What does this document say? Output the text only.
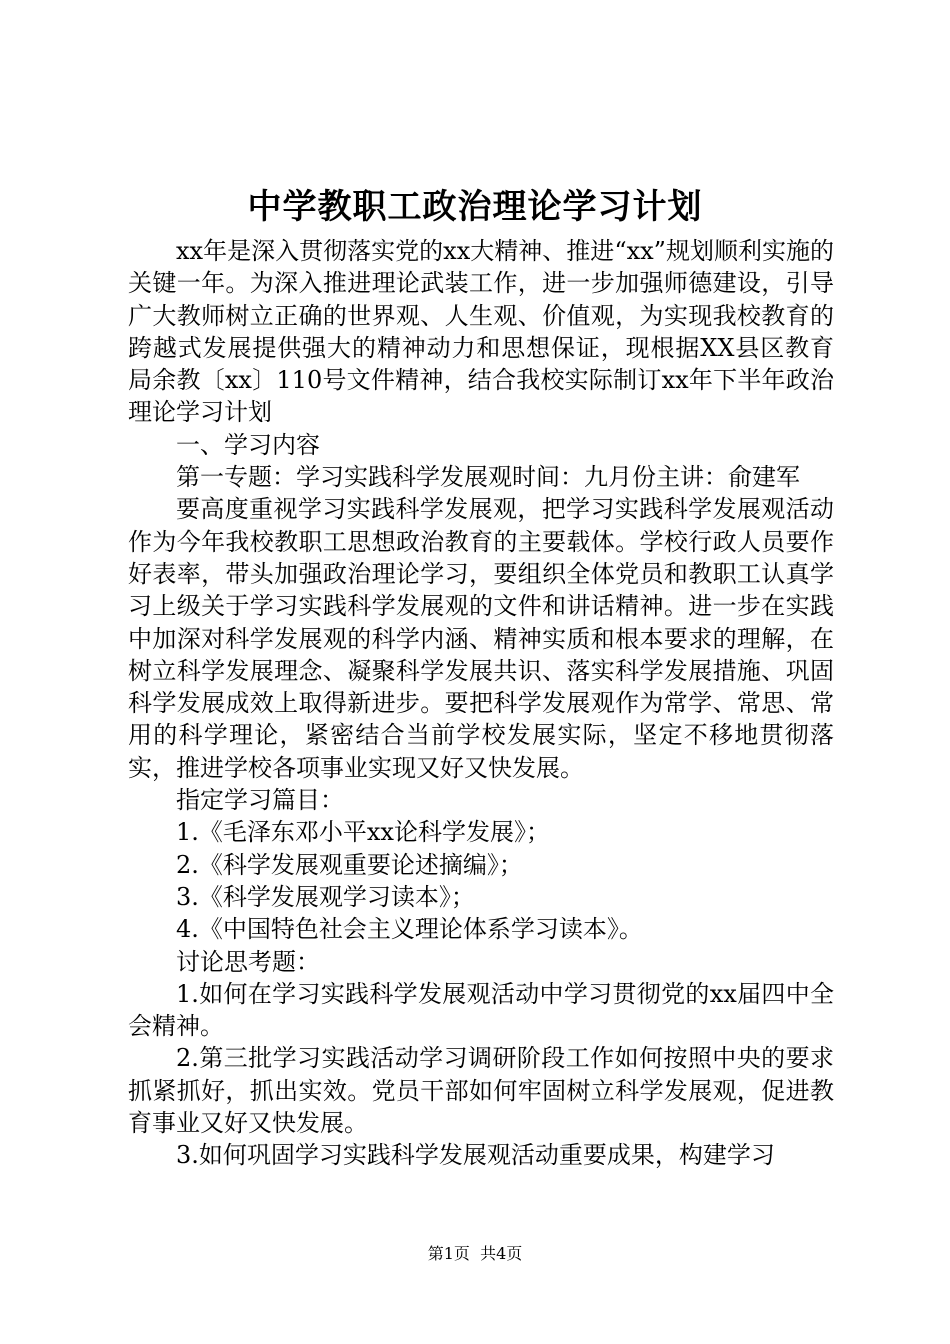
中学教职工政治理论学习计划

xx年是深入贯彻落实党的xx大精神、推进“xx”规划顺利实施的关键一年。为深入推进理论武装工作，进一步加强师德建设，引导广大教师树立正确的世界观、人生观、价值观，为实现我校教育的跨越式发展提供强大的精神动力和思想保证，现根据XX县区教育局余教〔xx〕110号文件精神，结合我校实际制订xx年下半年政治理论学习计划

一、学习内容

第一专题：学习实践科学发展观时间：九月份主讲：俞建军

要高度重视学习实践科学发展观，把学习实践科学发展观活动作为今年我校教职工思想政治教育的主要载体。学校行政人员要作好表率，带头加强政治理论学习，要组织全体党员和教职工认真学习上级关于学习实践科学发展观的文件和讲话精神。进一步在实践中加深对科学发展观的科学内涵、精神实质和根本要求的理解，在树立科学发展理念、凝聚科学发展共识、落实科学发展措施、巩固科学发展成效上取得新进步。要把科学发展观作为常学、常思、常用的科学理论，紧密结合当前学校发展实际，坚定不移地贯彻落实，推进学校各项事业实现又好又快发展。

指定学习篇目：

1.《毛泽东邓小平xx论科学发展》；

2.《科学发展观重要论述摘编》；

3.《科学发展观学习读本》；

4.《中国特色社会主义理论体系学习读本》。

讨论思考题：

1.如何在学习实践科学发展观活动中学习贯彻党的xx届四中全会精神。

2.第三批学习实践活动学习调研阶段工作如何按照中央的要求抓紧抓好，抓出实效。党员干部如何牢固树立科学发展观，促进教育事业又好又快发展。

3.如何巩固学习实践科学发展观活动重要成果，构建学习

第1页  共4页
